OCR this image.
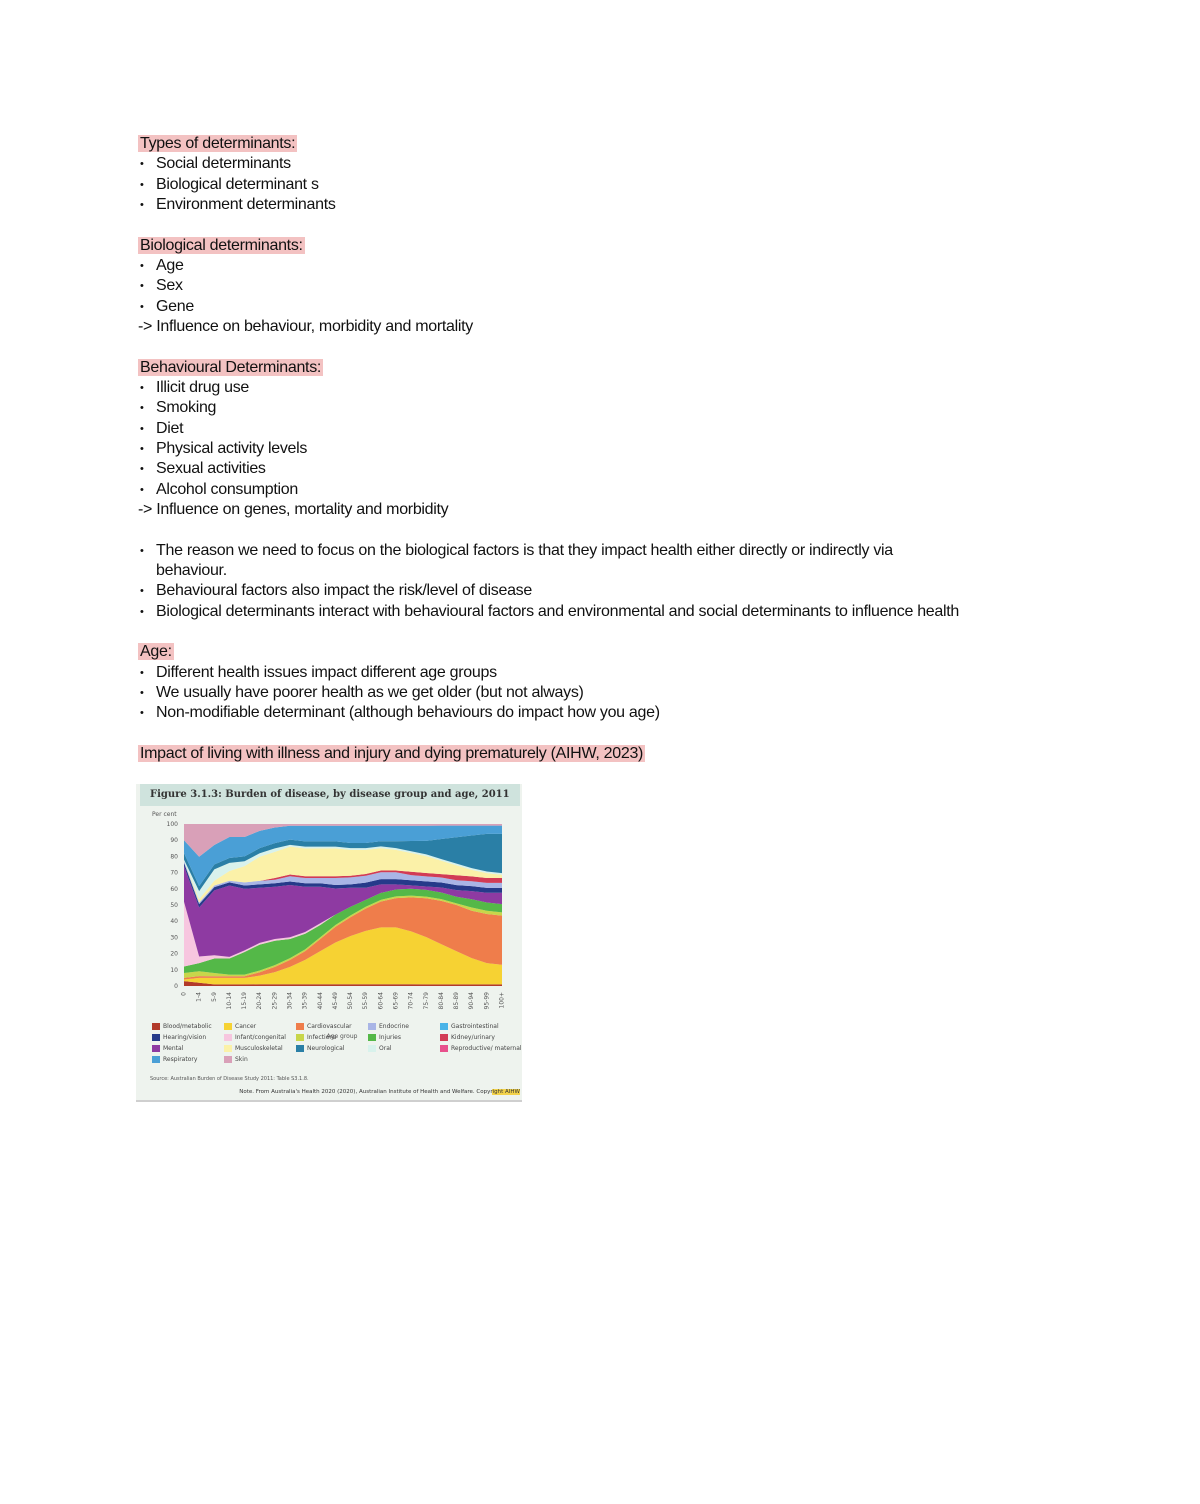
Types of determinants:
• Social determinants
• Biological determinant s
• Environment determinants
Biological determinants:
• Age
• Sex
• Gene
-> Influence on behaviour, morbidity and mortality
Behavioural Determinants:
• Illicit drug use
• Smoking
• Diet
• Physical activity levels
• Sexual activities
• Alcohol consumption
-> Influence on genes, mortality and morbidity
• The reason we need to focus on the biological factors is that they impact health either directly or indirectly via
behaviour.
• Behavioural factors also impact the risk/level of disease
• Biological determinants interact with behavioural factors and environmental and social determinants to influence health
Age:
• Different health issues impact different age groups
• We usually have poorer health as we get older (but not always)
• Non-modifiable determinant (although behaviours do impact how you age)
Impact of living with illness and injury and dying prematurely (AIHW, 2023)
Figure 3.1.3: Burden of disease, by disease group and age, 2011
Per cent
0
10
20
30
40
50
60
70
80
90
100
0 1-4 5-9 10-14 15-19 20-24 25-29 30-34 35-39 40-44 45-49 50-54 55-59 60-64 65-69 70-74 75-79 80-84 85-89 90-94 95-99 100+
Age group
Blood/metabolic	Cancer	Cardiovascular	Endocrine	Gastrointestinal
Hearing/vision	Infant/congenital	Infections	Injuries	Kidney/urinary
Mental	Musculoskeletal	Neurological	Oral	Reproductive/ maternal
Respiratory	Skin
Source: Australian Burden of Disease Study 2011: Table S3.1.8.
Note. From Australia's Health 2020 (2020), Australian Institute of Health and Welfare. Copyright AIHW
